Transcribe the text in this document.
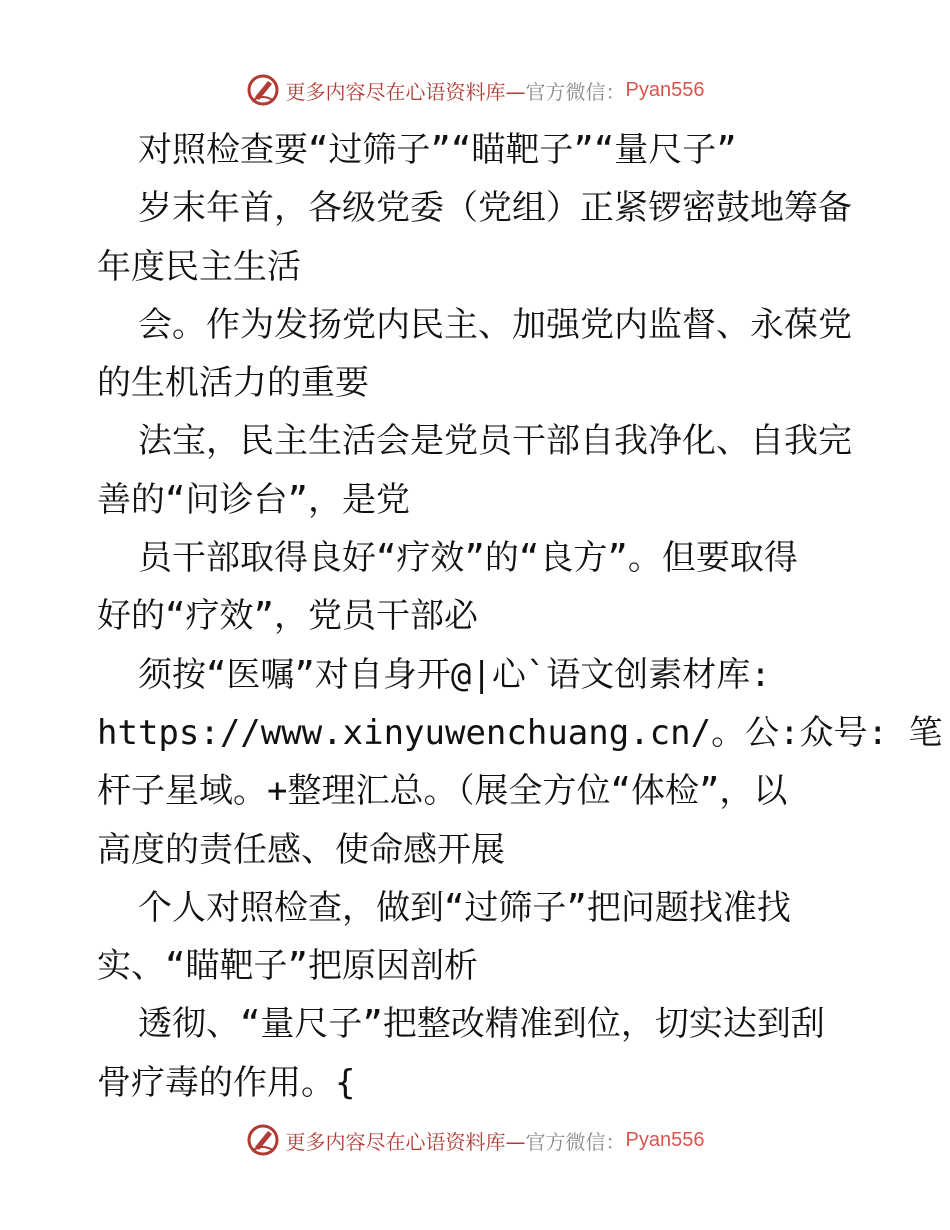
更多内容尽在心语资料库— 官方微信： Pyan556
对照检查要“过筛子”“瞄靶子”“量尺子”
岁末年首，各级党委（党组）正紧锣密鼓地筹备
年度民主生活
会。作为发扬党内民主、加强党内监督、永葆党
的生机活力的重要
法宝，民主生活会是党员干部自我净化、自我完
善的“问诊台”，是党
员干部取得良好“疗效”的“良方”。但要取得
好的“疗效”，党员干部必
须按“医嘱”对自身开@|心`语文创素材库:
https://www.xinyuwenchuang.cn/。公:众号: 笔
杆子星域。+整理汇总。（展全方位“体检”，以
高度的责任感、使命感开展
个人对照检查，做到“过筛子”把问题找准找
实、“瞄靶子”把原因剖析
透彻、“量尺子”把整改精准到位，切实达到刮
骨疗毒的作用。{
更多内容尽在心语资料库— 官方微信： Pyan556
